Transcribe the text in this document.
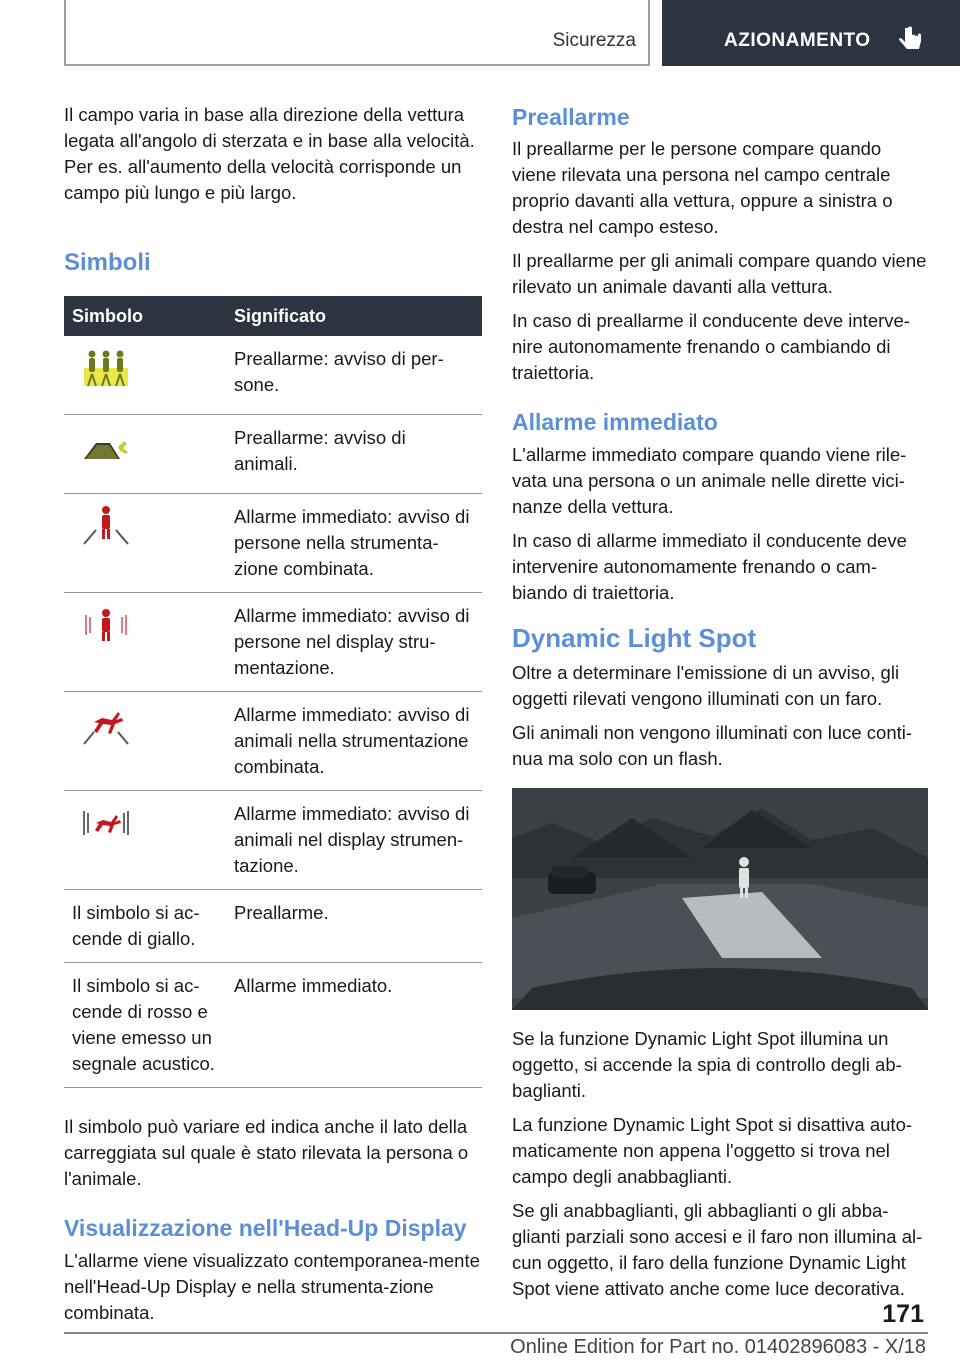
Sicurezza	AZIONAMENTO

Il campo varia in base alla direzione della vettura legata all'angolo di sterzata e in base alla velocità. Per es. all'aumento della velocità corrisponde un campo più lungo e più largo.

Simboli
Simbolo	Significato

	Preallarme: avviso di per-sone.

	Preallarme: avviso di animali.

	Allarme immediato: avviso di persone nella strumenta-zione combinata.

	Allarme immediato: avviso di persone nel display stru-mentazione.

	Allarme immediato: avviso di animali nella strumentazione combinata.

	Allarme immediato: avviso di animali nel display strumen-tazione.
Il simbolo si ac-cende di giallo.	Preallarme.
Il simbolo si ac-cende di rosso e viene emesso un segnale acustico.	Allarme immediato.

Il simbolo può variare ed indica anche il lato della carreggiata sul quale è stato rilevata la persona o l'animale.

Visualizzazione nell'Head-Up Display

L'allarme viene visualizzato contemporanea-mente nell'Head-Up Display e nella strumenta-zione combinata.

Preallarme

Il preallarme per le persone compare quando viene rilevata una persona nel campo centrale proprio davanti alla vettura, oppure a sinistra o destra nel campo esteso.

Il preallarme per gli animali compare quando viene rilevato un animale davanti alla vettura.

In caso di preallarme il conducente deve interve-nire autonomamente frenando o cambiando di traiettoria.

Allarme immediato

L'allarme immediato compare quando viene rile-vata una persona o un animale nelle dirette vici-nanze della vettura.

In caso di allarme immediato il conducente deve intervenire autonomamente frenando o cam-biando di traiettoria.

Dynamic Light Spot

Oltre a determinare l'emissione di un avviso, gli oggetti rilevati vengono illuminati con un faro.

Gli animali non vengono illuminati con luce conti-nua ma solo con un flash.

Se la funzione Dynamic Light Spot illumina un oggetto, si accende la spia di controllo degli ab-baglianti.

La funzione Dynamic Light Spot si disattiva auto-maticamente non appena l'oggetto si trova nel campo degli anabbaglianti.

Se gli anabbaglianti, gli abbaglianti o gli abba-glianti parziali sono accesi e il faro non illumina al-cun oggetto, il faro della funzione Dynamic Light Spot viene attivato anche come luce decorativa.

171
Online Edition for Part no. 01402896083 - X/18
